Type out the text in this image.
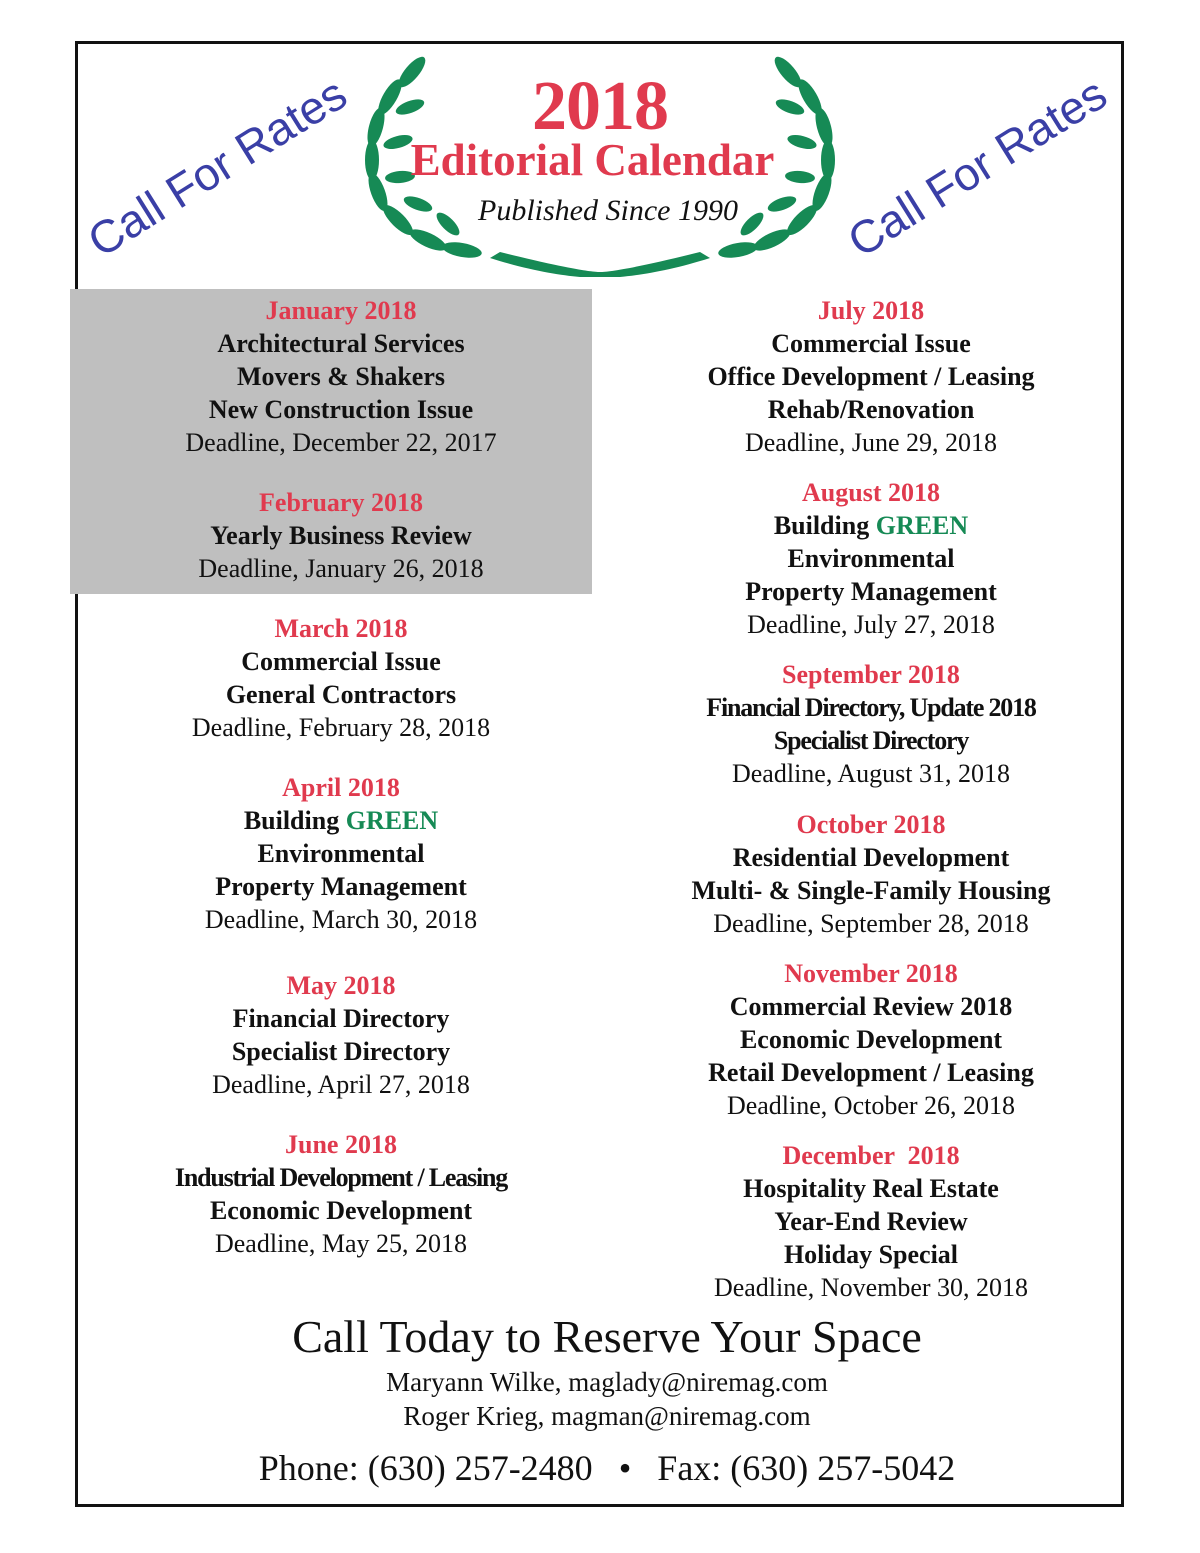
2018
Editorial Calendar
Published Since 1990
Call For Rates	Call For Rates
January 2018
Architectural Services
Movers & Shakers
New Construction Issue
Deadline, December 22, 2017
February 2018
Yearly Business Review
Deadline, January 26, 2018
March 2018
Commercial Issue
General Contractors
Deadline, February 28, 2018
April 2018
Building GREEN
Environmental
Property Management
Deadline, March 30, 2018
May 2018
Financial Directory
Specialist Directory
Deadline, April 27, 2018
June 2018
Industrial Development / Leasing
Economic Development
Deadline, May 25, 2018
July 2018
Commercial Issue
Office Development / Leasing
Rehab/Renovation
Deadline, June 29, 2018
August 2018
Building GREEN
Environmental
Property Management
Deadline, July 27, 2018
September 2018
Financial Directory, Update 2018
Specialist Directory
Deadline, August 31, 2018
October 2018
Residential Development
Multi- & Single-Family Housing
Deadline, September 28, 2018
November 2018
Commercial Review 2018
Economic Development
Retail Development / Leasing
Deadline, October 26, 2018
December  2018
Hospitality Real Estate
Year-End Review
Holiday Special
Deadline, November 30, 2018
Call Today to Reserve Your Space
Maryann Wilke, maglady@niremag.com
Roger Krieg, magman@niremag.com
Phone: (630) 257-2480 • Fax: (630) 257-5042
